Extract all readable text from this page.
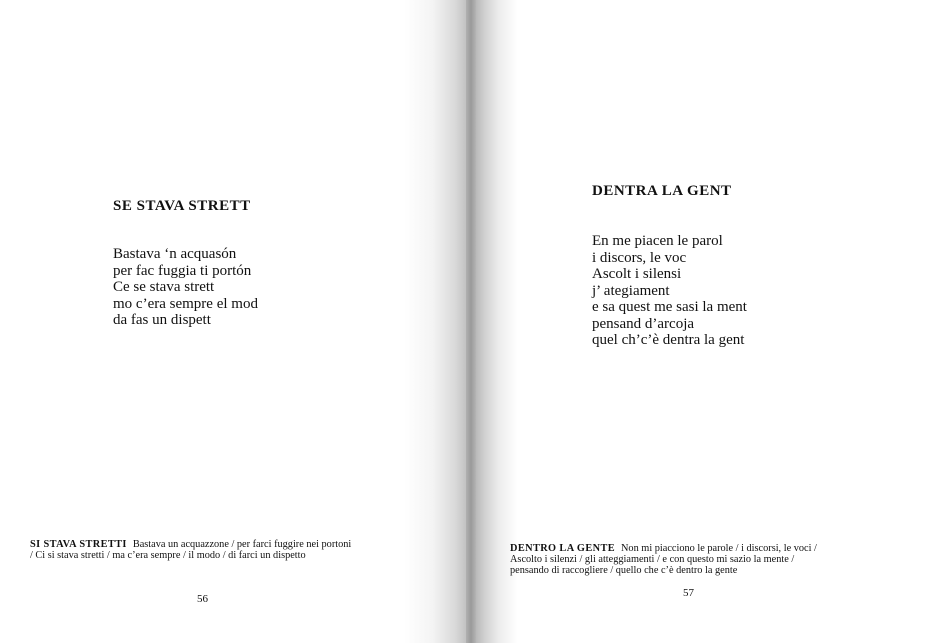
SE STAVA STRETT
Bastava ‘n acquasón
per fac fuggia ti portón
Ce se stava strett
mo c’era sempre el mod
da fas un dispett
SI STAVA STRETTI Bastava un acquazzone / per farci fuggire nei portoni
/ Ci si stava stretti / ma c’era sempre / il modo / di farci un dispetto
56
DENTRA LA GENT
En me piacen le parol
i discors, le voc
Ascolt i silensi
j’ ategiament
e sa quest me sasi la ment
pensand d’arcoja
quel ch’c’è dentra la gent
DENTRO LA GENTE Non mi piacciono le parole / i discorsi, le voci /
Ascolto i silenzi / gli atteggiamenti / e con questo mi sazio la mente /
pensando di raccogliere / quello che c’è dentro la gente
57
